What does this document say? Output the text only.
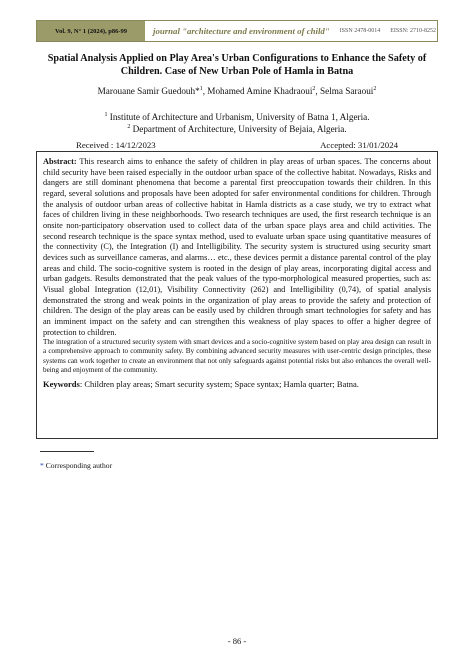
Vol. 9, N° 1 (2024), p86-99	journal "architecture and environment of child" ISSN 2478-0014 EISSN: 2710-8252
Spatial Analysis Applied on Play Area's Urban Configurations to Enhance the Safety of
Children. Case of New Urban Pole of Hamla in Batna
Marouane Samir Guedouh*$^1$, Mohamed Amine Khadraoui$^2$, Selma Saraoui$^2$
$^1$ Institute of Architecture and Urbanism, University of Batna 1, Algeria.
$^2$ Department of Architecture, University of Bejaia, Algeria.
Received : 14/12/2023	Accepted: 31/01/2024

Abstract: This research aims to enhance the safety of children in play areas of urban spaces. The concerns about child security have been raised especially in the outdoor urban space of the collective habitat. Nowadays, Risks and dangers are still dominant phenomena that become a parental first preoccupation towards their children. In this regard, several solutions and proposals have been adopted for safer environmental conditions for children. Through the analysis of outdoor urban areas of collective habitat in Hamla districts as a case study, we try to extract what faces of children living in these neighborhoods. Two research techniques are used, the first research technique is an onsite non-participatory observation used to collect data of the urban space plays area and child activities. The second research technique is the space syntax method, used to evaluate urban space using quantitative measures of the connectivity (C), the Integration (I) and Intelligibility. The security system is structured using security smart devices such as surveillance cameras, and alarms… etc., these devices permit a distance parental control of the play areas and child. The socio-cognitive system is rooted in the design of play areas, incorporating digital access and urban gadgets. Results demonstrated that the peak values of the typo-morphological measured properties, such as: Visual global Integration (12,01), Visibility Connectivity (262) and Intelligibility (0,74), of spatial analysis demonstrated the strong and weak points in the organization of play areas to provide the safety and protection of children. The design of the play areas can be easily used by children through smart technologies for safety and has an imminent impact on the safety and can strengthen this weakness of play spaces to offer a higher degree of protection to children.

The integration of a structured security system with smart devices and a socio-cognitive system based on play area design can result in a comprehensive approach to community safety. By combining advanced security measures with user-centric design principles, these systems can work together to create an environment that not only safeguards against potential risks but also enhances the overall well-being and enjoyment of the community.

Keywords: Children play areas; Smart security system; Space syntax; Hamla quarter; Batna.
* Corresponding author
- 86 -
